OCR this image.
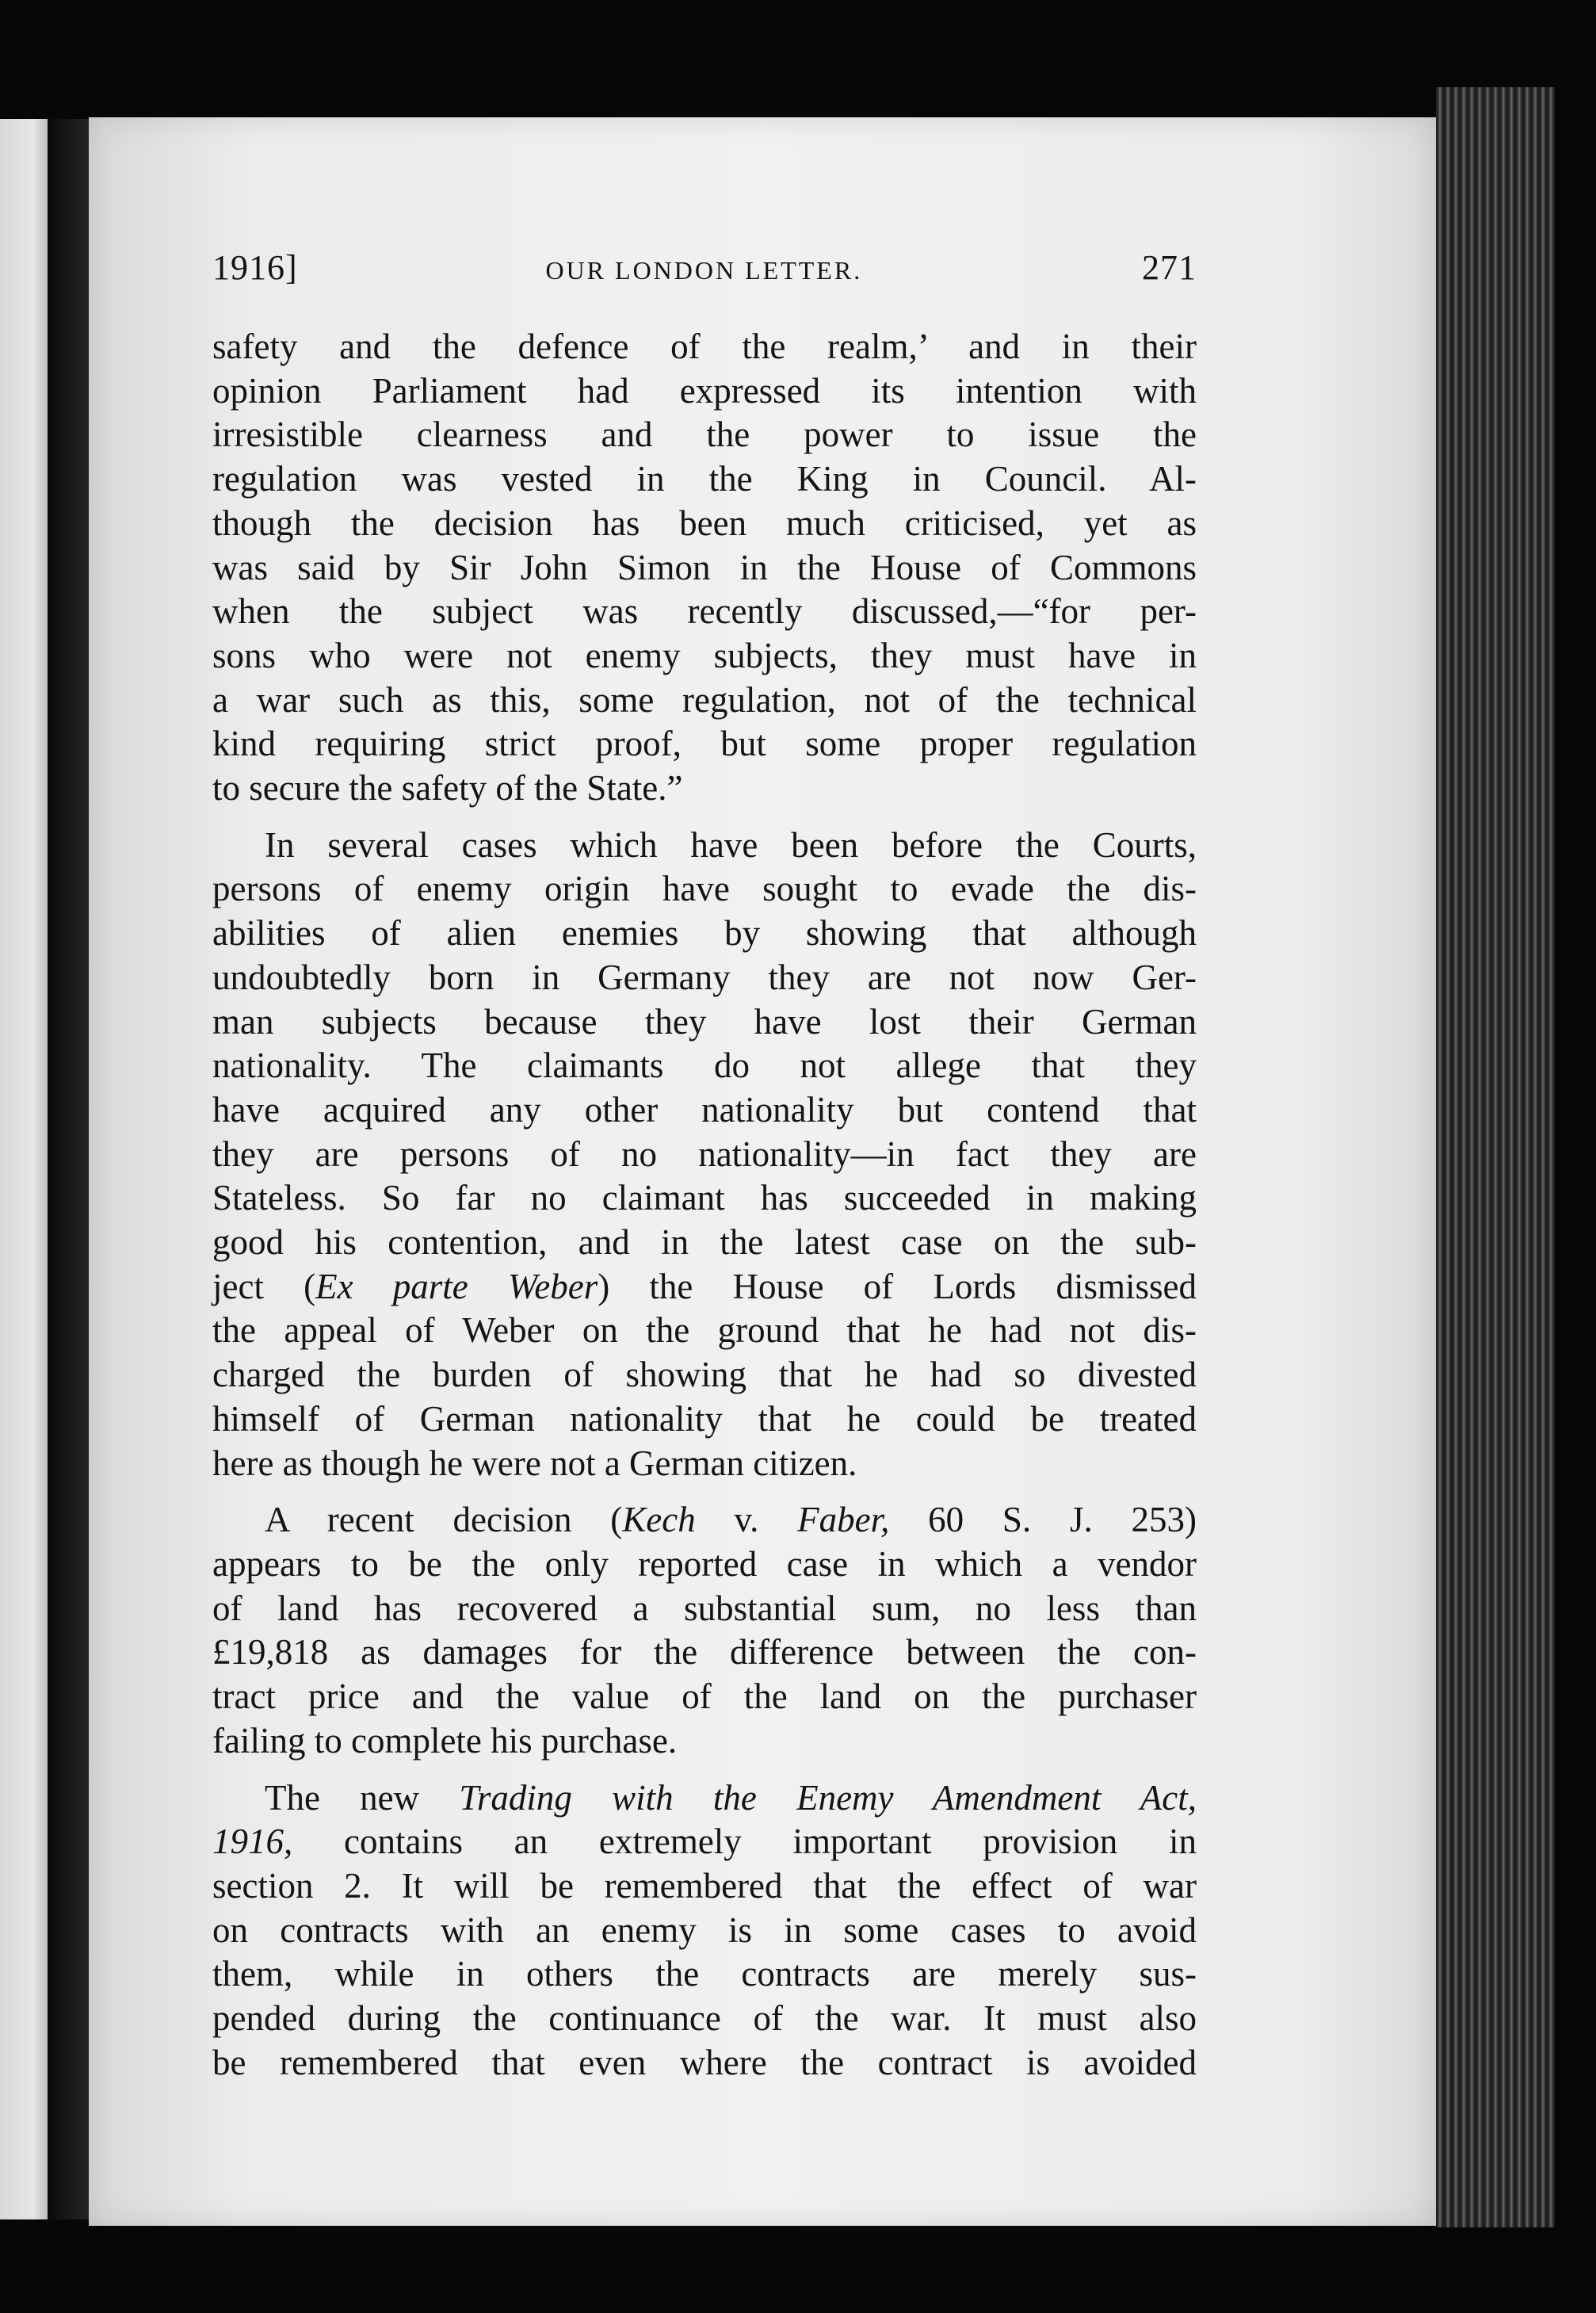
1916]	OUR LONDON LETTER.	271
safety and the defence of the realm,’ and in their
opinion Parliament had expressed its intention with
irresistible clearness and the power to issue the
regulation was vested in the King in Council. Al-
though the decision has been much criticised, yet as
was said by Sir John Simon in the House of Commons
when the subject was recently discussed,—“for per-
sons who were not enemy subjects, they must have in
a war such as this, some regulation, not of the technical
kind requiring strict proof, but some proper regulation
to secure the safety of the State.”
In several cases which have been before the Courts,
persons of enemy origin have sought to evade the dis-
abilities of alien enemies by showing that although
undoubtedly born in Germany they are not now Ger-
man subjects because they have lost their German
nationality. The claimants do not allege that they
have acquired any other nationality but contend that
they are persons of no nationality—in fact they are
Stateless. So far no claimant has succeeded in making
good his contention, and in the latest case on the sub-
ject (Ex parte Weber) the House of Lords dismissed
the appeal of Weber on the ground that he had not dis-
charged the burden of showing that he had so divested
himself of German nationality that he could be treated
here as though he were not a German citizen.
A recent decision (Kech v. Faber, 60 S. J. 253)
appears to be the only reported case in which a vendor
of land has recovered a substantial sum, no less than
£19,818 as damages for the difference between the con-
tract price and the value of the land on the purchaser
failing to complete his purchase.
The new Trading with the Enemy Amendment Act,
1916, contains an extremely important provision in
section 2. It will be remembered that the effect of war
on contracts with an enemy is in some cases to avoid
them, while in others the contracts are merely sus-
pended during the continuance of the war. It must also
be remembered that even where the contract is avoided
